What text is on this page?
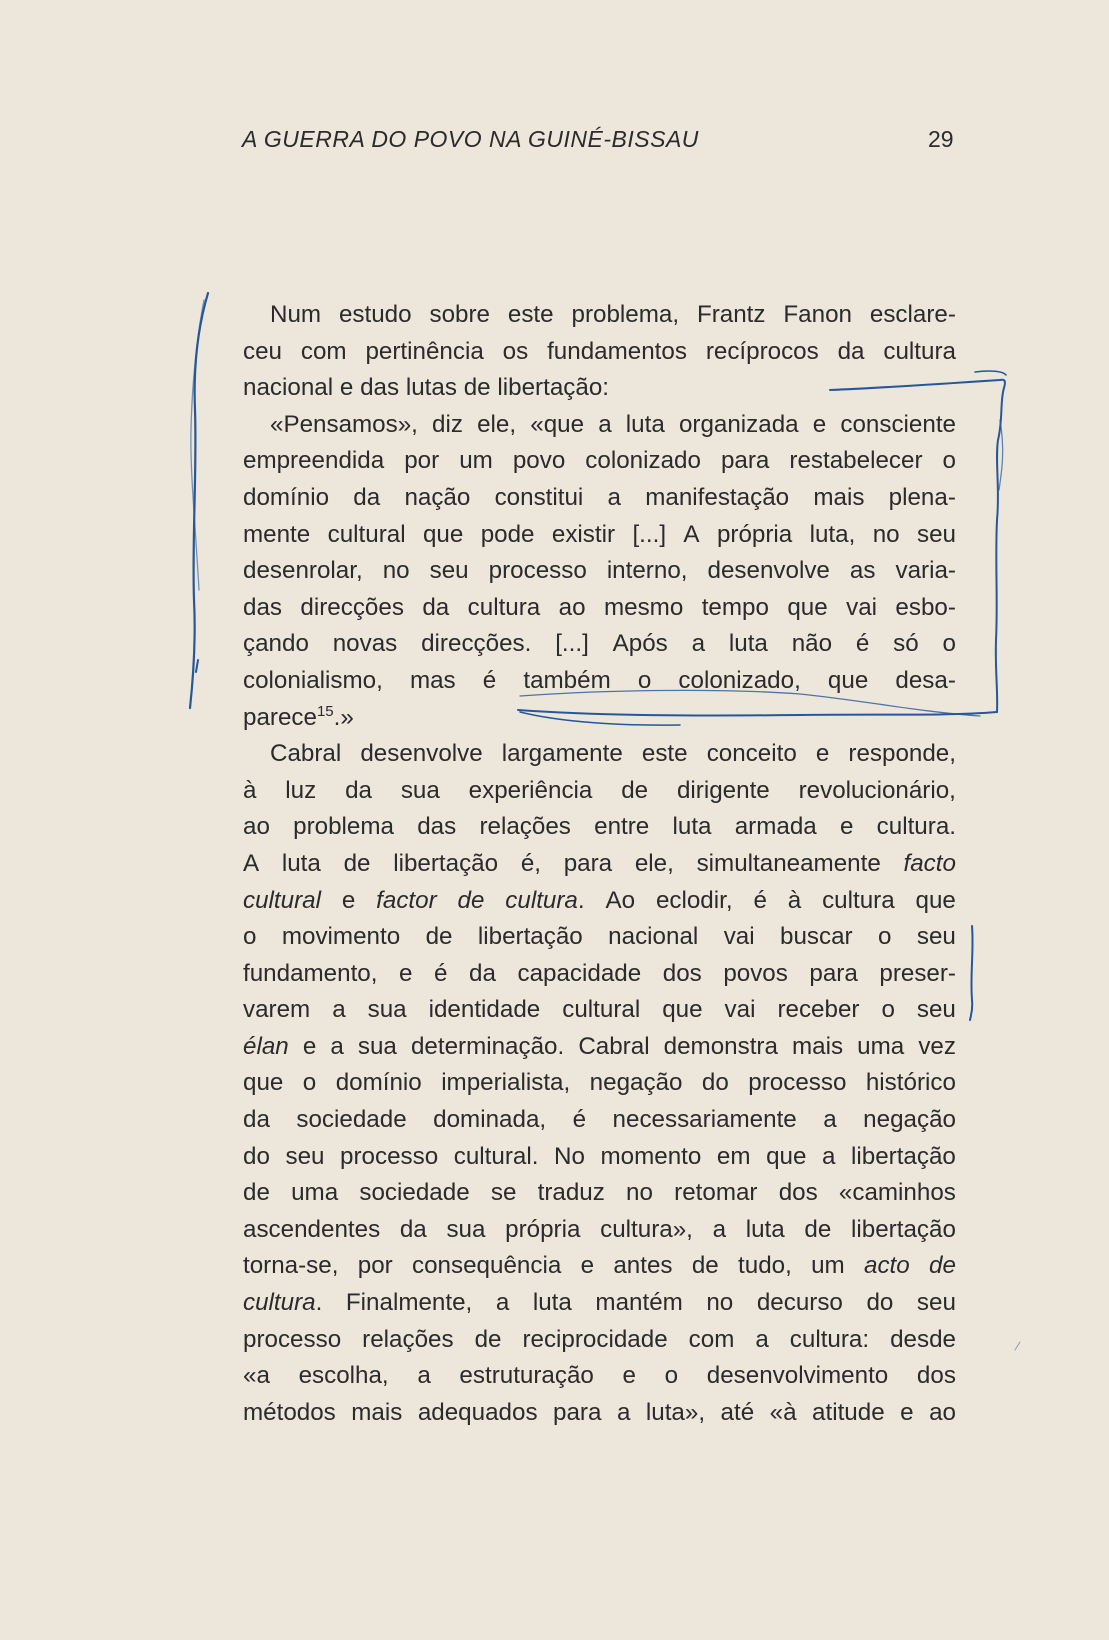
A GUERRA DO POVO NA GUINÉ-BISSAU	29
Num estudo sobre este problema, Frantz Fanon esclare-
ceu com pertinência os fundamentos recíprocos da cultura
nacional e das lutas de libertação:
«Pensamos», diz ele, «que a luta organizada e consciente
empreendida por um povo colonizado para restabelecer o
domínio da nação constitui a manifestação mais plena-
mente cultural que pode existir [...] A própria luta, no seu
desenrolar, no seu processo interno, desenvolve as varia-
das direcções da cultura ao mesmo tempo que vai esbo-
çando novas direcções. [...] Após a luta não é só o
colonialismo, mas é também o colonizado, que desa-
parece$^{15}$.»
Cabral desenvolve largamente este conceito e responde,
à luz da sua experiência de dirigente revolucionário,
ao problema das relações entre luta armada e cultura.
A luta de libertação é, para ele, simultaneamente facto
cultural e factor de cultura. Ao eclodir, é à cultura que
o movimento de libertação nacional vai buscar o seu
fundamento, e é da capacidade dos povos para preser-
varem a sua identidade cultural que vai receber o seu
élan e a sua determinação. Cabral demonstra mais uma vez
que o domínio imperialista, negação do processo histórico
da sociedade dominada, é necessariamente a negação
do seu processo cultural. No momento em que a libertação
de uma sociedade se traduz no retomar dos «caminhos
ascendentes da sua própria cultura», a luta de libertação
torna-se, por consequência e antes de tudo, um acto de
cultura. Finalmente, a luta mantém no decurso do seu
processo relações de reciprocidade com a cultura: desde
«a escolha, a estruturação e o desenvolvimento dos
métodos mais adequados para a luta», até «à atitude e ao
